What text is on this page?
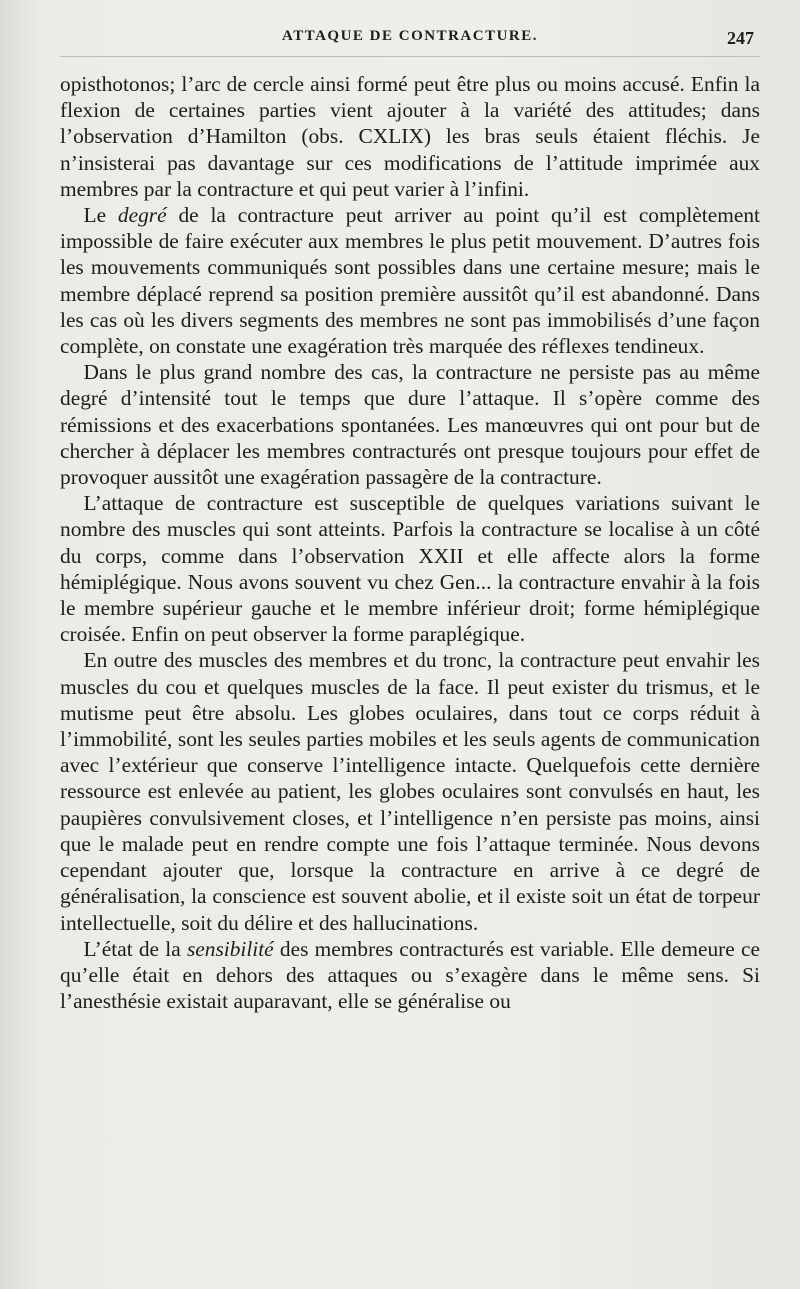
ATTAQUE DE CONTRACTURE.	247

opisthotonos; l’arc de cercle ainsi formé peut être plus ou moins accusé. Enfin la flexion de certaines parties vient ajouter à la variété des attitudes; dans l’observation d’Hamilton (obs. CXLIX) les bras seuls étaient fléchis. Je n’insisterai pas davantage sur ces modifications de l’attitude imprimée aux membres par la contracture et qui peut varier à l’infini.

Le degré de la contracture peut arriver au point qu’il est complètement impossible de faire exécuter aux membres le plus petit mouvement. D’autres fois les mouvements communiqués sont possibles dans une certaine mesure; mais le membre déplacé reprend sa position première aussitôt qu’il est abandonné. Dans les cas où les divers segments des membres ne sont pas immobilisés d’une façon complète, on constate une exagération très marquée des réflexes tendineux.

Dans le plus grand nombre des cas, la contracture ne persiste pas au même degré d’intensité tout le temps que dure l’attaque. Il s’opère comme des rémissions et des exacerbations spontanées. Les manœuvres qui ont pour but de chercher à déplacer les membres contracturés ont presque toujours pour effet de provoquer aussitôt une exagération passagère de la contracture.

L’attaque de contracture est susceptible de quelques variations suivant le nombre des muscles qui sont atteints. Parfois la contracture se localise à un côté du corps, comme dans l’observation XXII et elle affecte alors la forme hémiplégique. Nous avons souvent vu chez Gen... la contracture envahir à la fois le membre supérieur gauche et le membre inférieur droit; forme hémiplégique croisée. Enfin on peut observer la forme paraplégique.

En outre des muscles des membres et du tronc, la contracture peut envahir les muscles du cou et quelques muscles de la face. Il peut exister du trismus, et le mutisme peut être absolu. Les globes oculaires, dans tout ce corps réduit à l’immobilité, sont les seules parties mobiles et les seuls agents de communication avec l’extérieur que conserve l’intelligence intacte. Quelquefois cette dernière ressource est enlevée au patient, les globes oculaires sont convulsés en haut, les paupières convulsivement closes, et l’intelligence n’en persiste pas moins, ainsi que le malade peut en rendre compte une fois l’attaque terminée. Nous devons cependant ajouter que, lorsque la contracture en arrive à ce degré de généralisation, la conscience est souvent abolie, et il existe soit un état de torpeur intellectuelle, soit du délire et des hallucinations.

L’état de la sensibilité des membres contracturés est variable. Elle demeure ce qu’elle était en dehors des attaques ou s’exagère dans le même sens. Si l’anesthésie existait auparavant, elle se généralise ou
